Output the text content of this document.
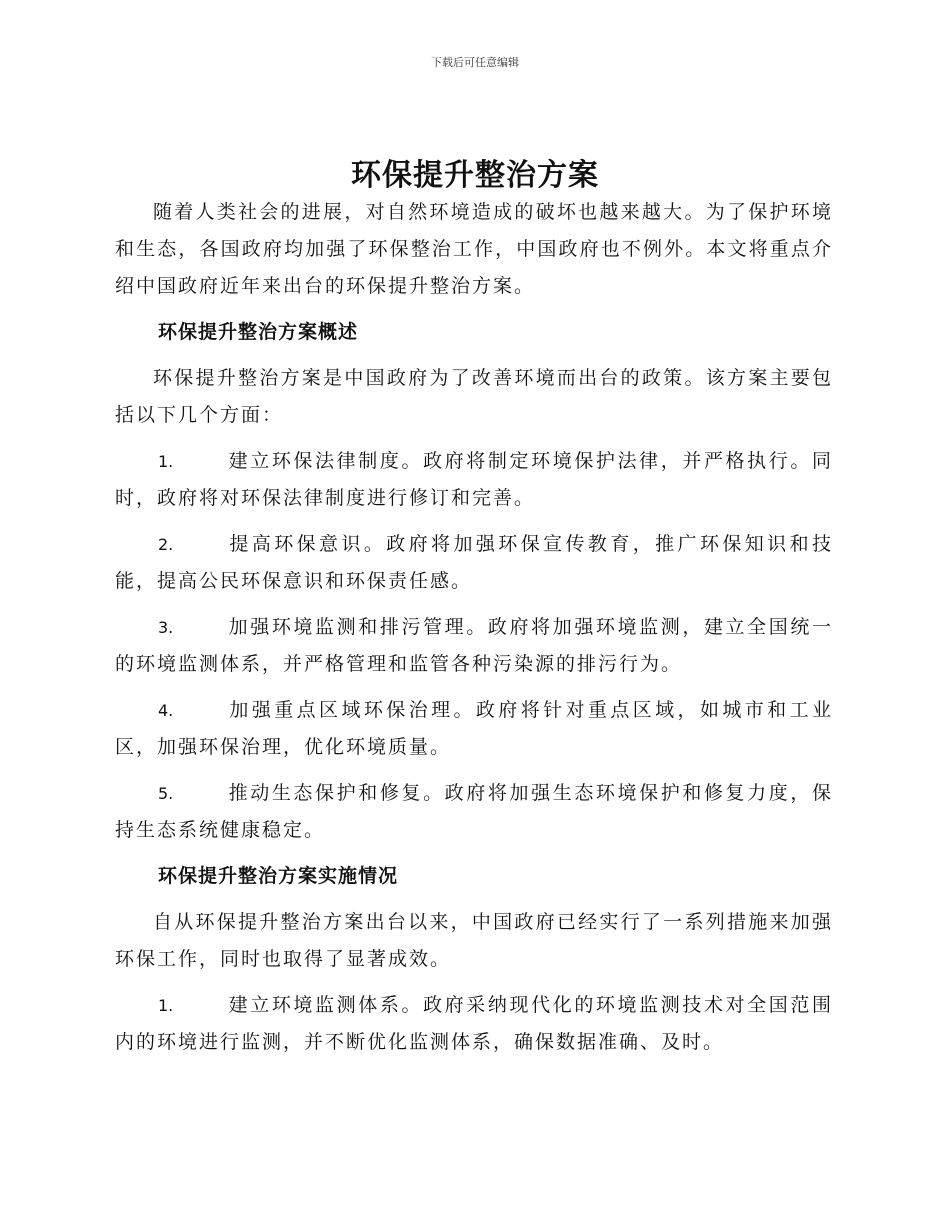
下载后可任意编辑
环保提升整治方案

随着人类社会的进展，对自然环境造成的破坏也越来越大。为了保护环境和生态，各国政府均加强了环保整治工作，中国政府也不例外。本文将重点介绍中国政府近年来出台的环保提升整治方案。

环保提升整治方案概述

环保提升整治方案是中国政府为了改善环境而出台的政策。该方案主要包括以下几个方面：

1.	建立环保法律制度。政府将制定环境保护法律，并严格执行。同时，政府将对环保法律制度进行修订和完善。

2.	提高环保意识。政府将加强环保宣传教育，推广环保知识和技能，提高公民环保意识和环保责任感。

3.	加强环境监测和排污管理。政府将加强环境监测，建立全国统一的环境监测体系，并严格管理和监管各种污染源的排污行为。

4.	加强重点区域环保治理。政府将针对重点区域，如城市和工业区，加强环保治理，优化环境质量。

5.	推动生态保护和修复。政府将加强生态环境保护和修复力度，保持生态系统健康稳定。

环保提升整治方案实施情况

自从环保提升整治方案出台以来，中国政府已经实行了一系列措施来加强环保工作，同时也取得了显著成效。

1.	建立环境监测体系。政府采纳现代化的环境监测技术对全国范围内的环境进行监测，并不断优化监测体系，确保数据准确、及时。
